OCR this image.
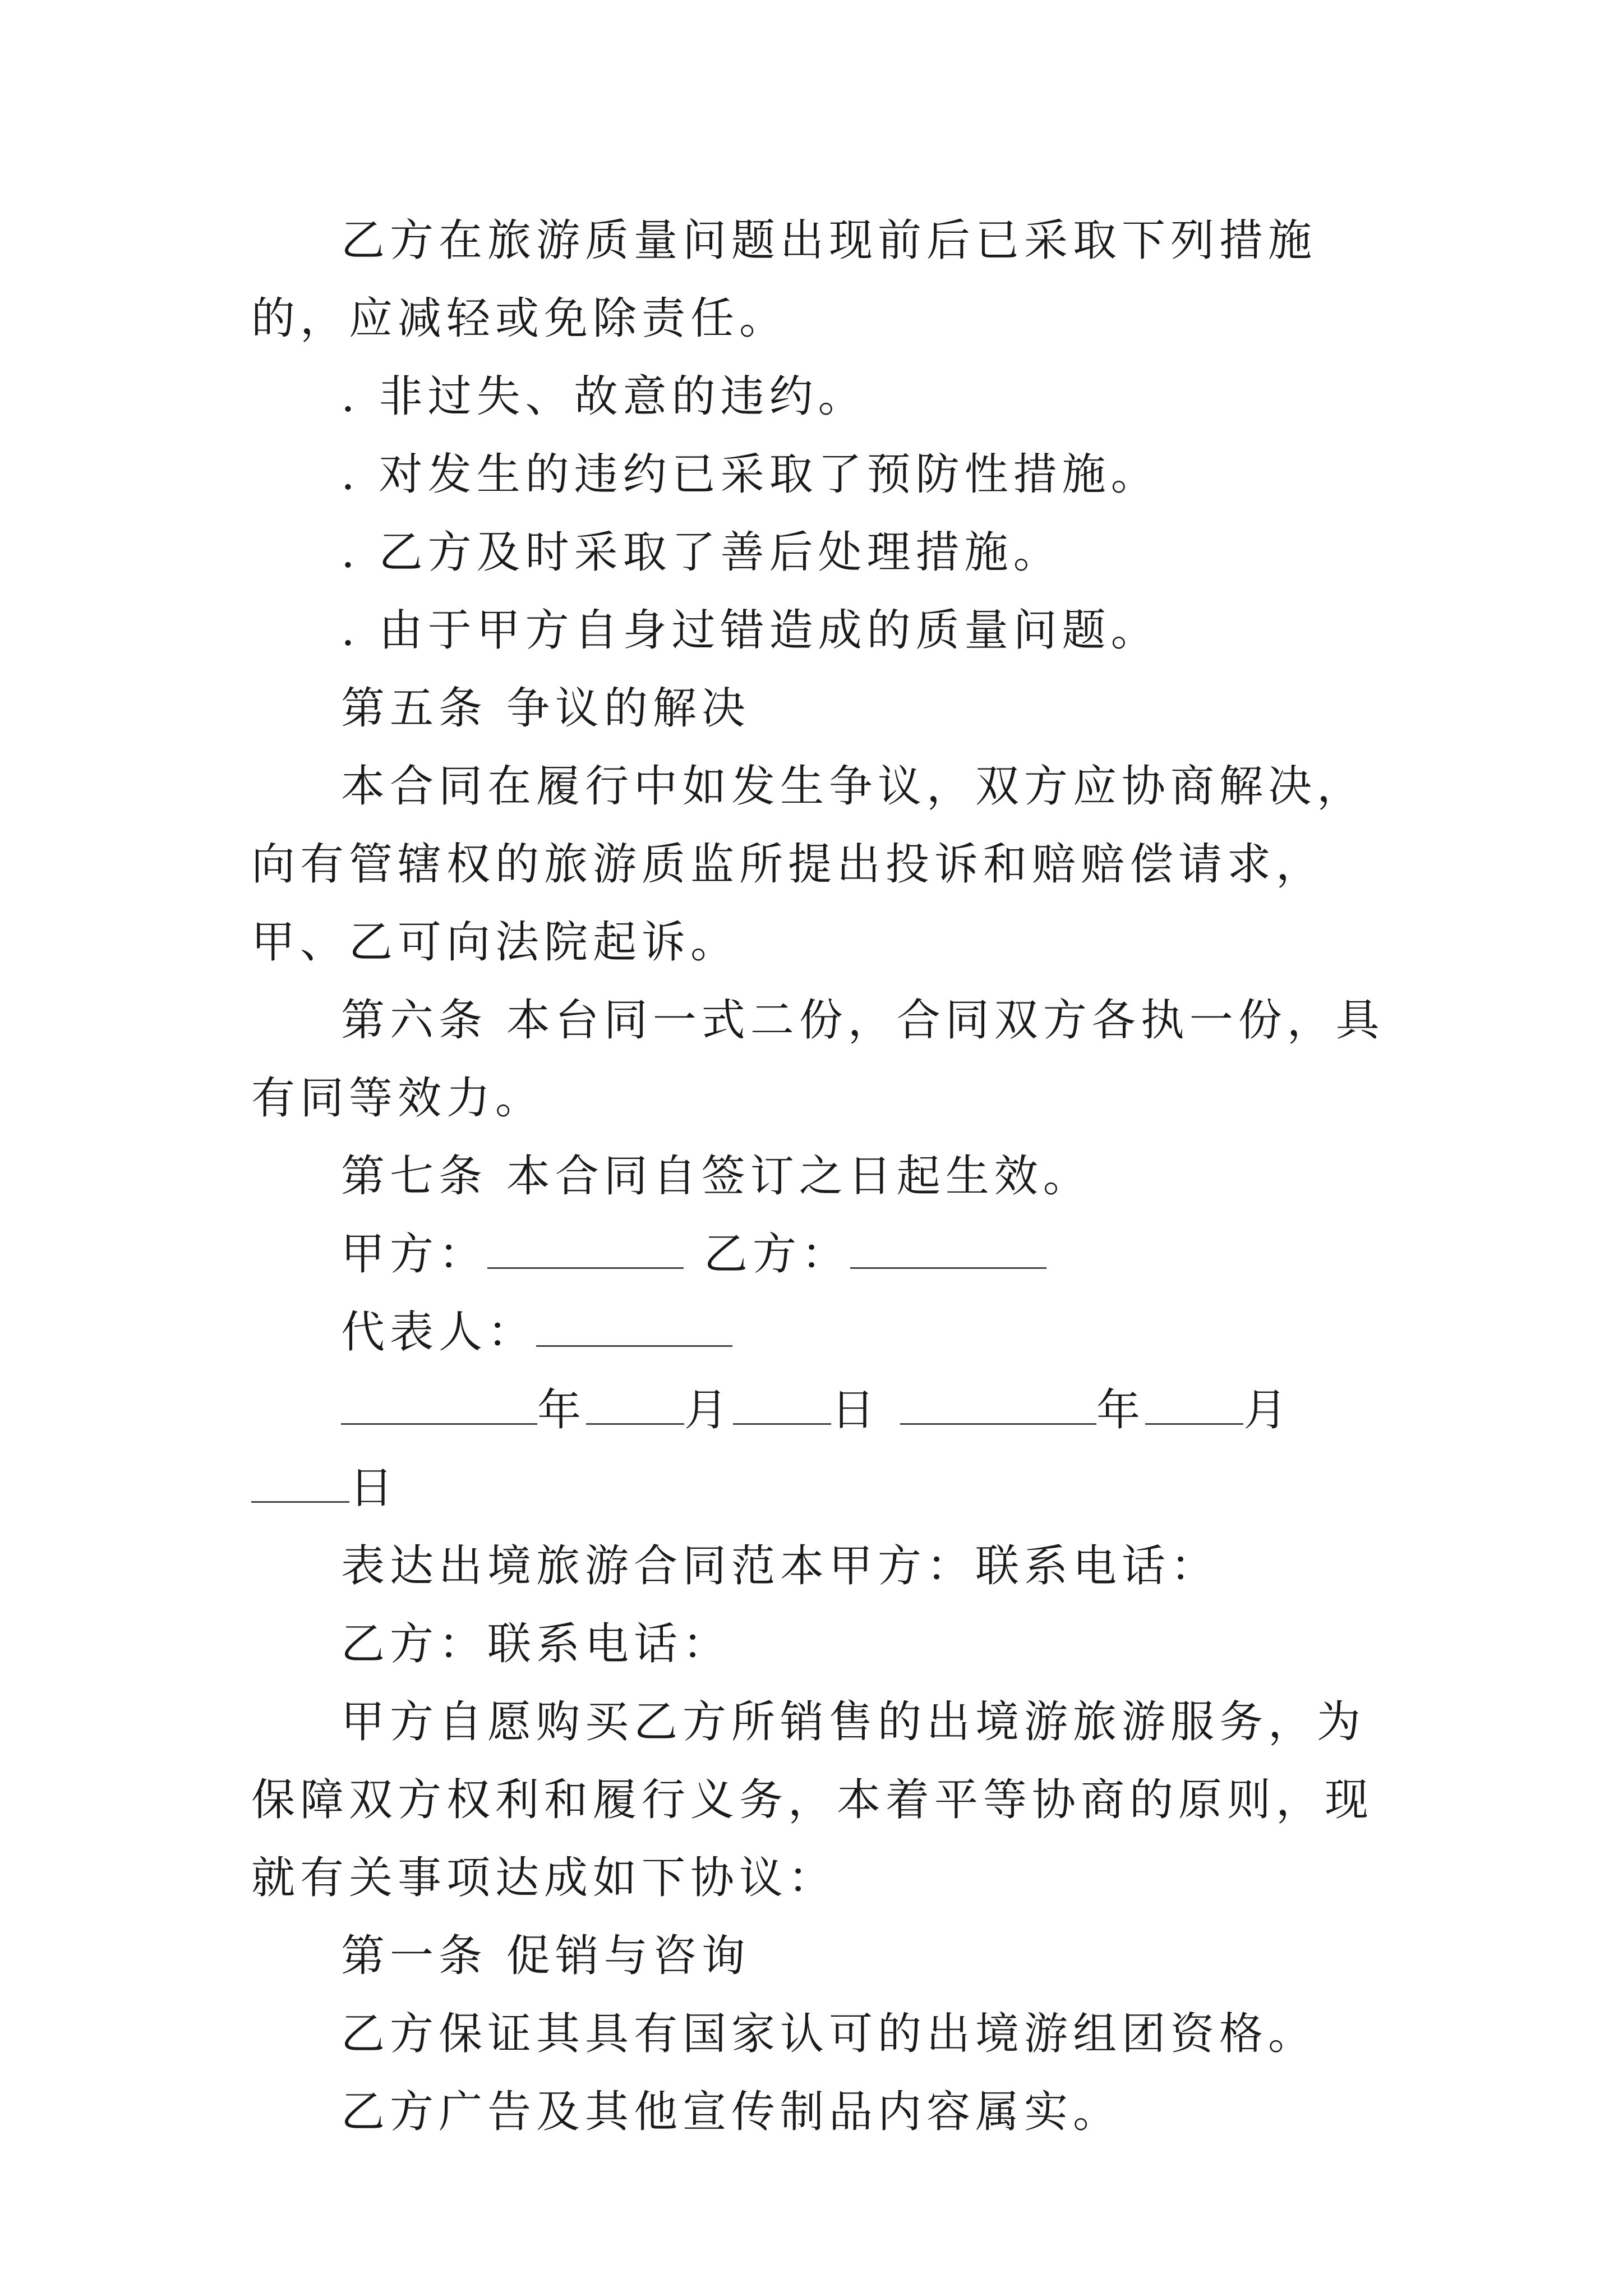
乙方在旅游质量问题出现前后已采取下列措施的，应减轻或免除责任。

. 非过失、故意的违约。

. 对发生的违约已采取了预防性措施。

. 乙方及时采取了善后处理措施。

. 由于甲方自身过错造成的质量问题。

第五条 争议的解决

本合同在履行中如发生争议，双方应协商解决，向有管辖权的旅游质监所提出投诉和赔赔偿请求，甲、乙可向法院起诉。

第六条 本台同一式二份，合同双方各执一份，具有同等效力。

第七条 本合同自签订之日起生效。

甲方：	乙方：

代表人：

年 月 日	年 月日

表达出境旅游合同范本甲方：联系电话：

乙方：联系电话：

甲方自愿购买乙方所销售的出境游旅游服务，为保障双方权利和履行义务，本着平等协商的原则，现就有关事项达成如下协议：

第一条 促销与咨询

乙方保证其具有国家认可的出境游组团资格。

乙方广告及其他宣传制品内容属实。
